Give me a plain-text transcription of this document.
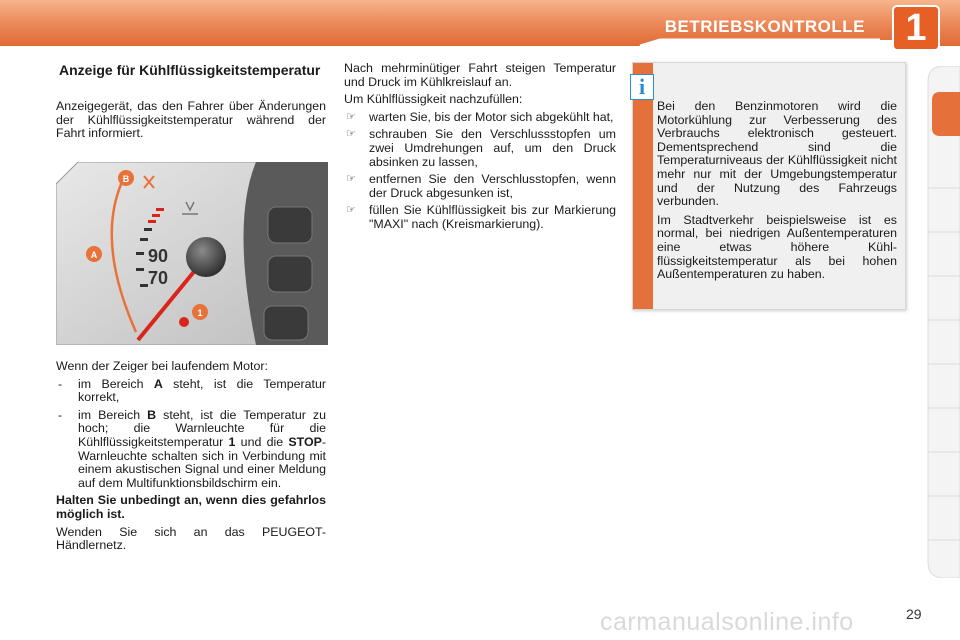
BETRIEBSKONTROLLE	1
Anzeige für Kühlflüssigkeitstemperatur
Anzeigegerät, das den Fahrer über Änderungen der Kühlflüssigkeitstemperatur während der Fahrt informiert.
90
70
B
A
1

Wenn der Zeiger bei laufendem Motor:

- im Bereich A steht, ist die Temperatur korrekt,
- im Bereich B steht, ist die Temperatur zu hoch; die Warnleuchte für die Kühlflüssigkeitstemperatur 1 und die STOP-Warnleuchte schalten sich in Verbindung mit einem akustischen Signal und einer Meldung auf dem Multifunktionsbildschirm ein.

Halten Sie unbedingt an, wenn dies gefahrlos möglich ist.

Wenden Sie sich an das PEUGEOT-Händlernetz.

Nach mehrminütiger Fahrt steigen Temperatur und Druck im Kühlkreislauf an.

Um Kühlflüssigkeit nachzufüllen:

☞ warten Sie, bis der Motor sich abgekühlt hat,
☞ schrauben Sie den Verschlussstopfen um zwei Umdrehungen auf, um den Druck absinken zu lassen,
☞ entfernen Sie den Verschlusstopfen, wenn der Druck abgesunken ist,
☞ füllen Sie Kühlflüssigkeit bis zur Markierung "MAXI" nach (Kreismarkierung).
i

Bei den Benzinmotoren wird die Motorkühlung zur Verbesserung des Verbrauchs elektronisch gesteuert. Dementsprechend sind die Temperaturniveaus der Kühlflüssigkeit nicht mehr nur mit der Umgebungstemperatur und der Nutzung des Fahrzeugs verbunden.

Im Stadtverkehr beispielsweise ist es normal, bei niedrigen Außentemperaturen eine etwas höhere Kühlflüssigkeitstemperatur als bei hohen Außentemperaturen zu haben.

carmanualsonline.info	29
